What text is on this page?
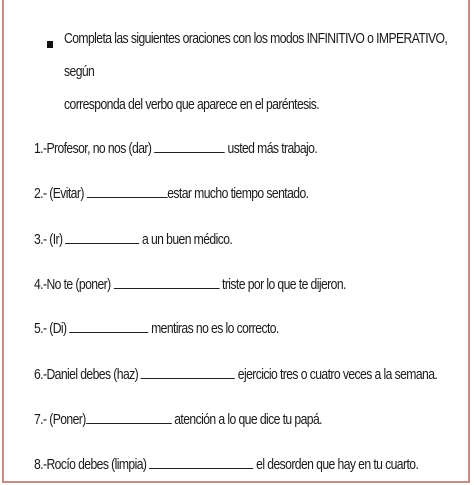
Completa las siguientes oraciones con los modos INFINITIVO o IMPERATIVO, según
corresponda del verbo que aparece en el paréntesis.
1.-Profesor, no nos (dar)	usted más trabajo.
2.- (Evitar)	estar mucho tiempo sentado.
3.- (Ir)	a un buen médico.
4.-No te (poner)	triste por lo que te dijeron.
5.- (Di)	mentiras no es lo correcto.
6.-Daniel debes (haz)	ejercicio tres o cuatro veces a la semana.
7.- (Poner)	atención a lo que dice tu papá.
8.-Rocío debes (limpia)	el desorden que hay en tu cuarto.
